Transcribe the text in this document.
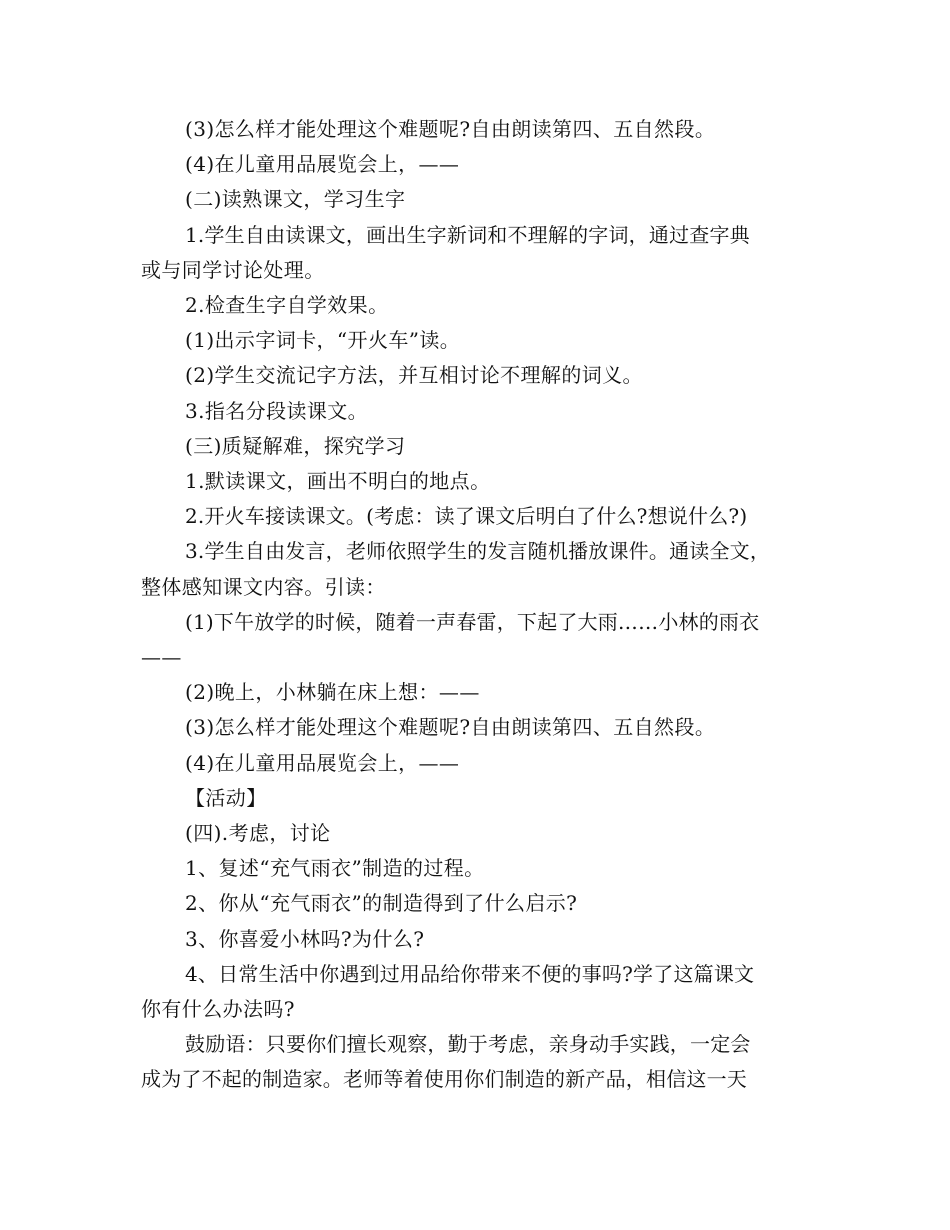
(3)怎么样才能处理这个难题呢?自由朗读第四、五自然段。
(4)在儿童用品展览会上，——
(二)读熟课文，学习生字
1.学生自由读课文，画出生字新词和不理解的字词，通过查字典
或与同学讨论处理。
2.检查生字自学效果。
(1)出示字词卡，“开火车”读。
(2)学生交流记字方法，并互相讨论不理解的词义。
3.指名分段读课文。
(三)质疑解难，探究学习
1.默读课文，画出不明白的地点。
2.开火车接读课文。(考虑：读了课文后明白了什么?想说什么?)
3.学生自由发言，老师依照学生的发言随机播放课件。通读全文，
整体感知课文内容。引读：
(1)下午放学的时候，随着一声春雷，下起了大雨……小林的雨衣
——
(2)晚上，小林躺在床上想：——
(3)怎么样才能处理这个难题呢?自由朗读第四、五自然段。
(4)在儿童用品展览会上，——
【活动】
(四).考虑，讨论
1、复述“充气雨衣”制造的过程。
2、你从“充气雨衣”的制造得到了什么启示?
3、你喜爱小林吗?为什么?
4、日常生活中你遇到过用品给你带来不便的事吗?学了这篇课文
你有什么办法吗?
鼓励语：只要你们擅长观察，勤于考虑，亲身动手实践，一定会
成为了不起的制造家。老师等着使用你们制造的新产品，相信这一天
